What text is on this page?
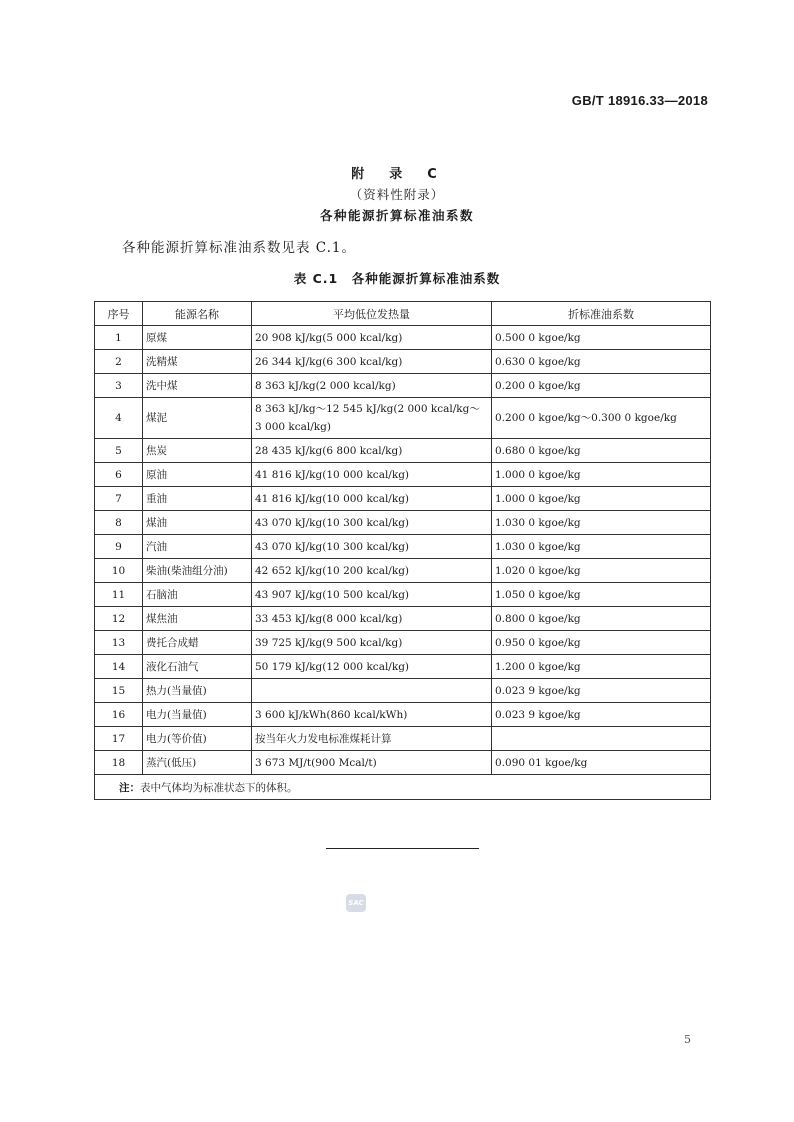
GB/T 18916.33—2018
附　录　C
（资料性附录）
各种能源折算标准油系数
各种能源折算标准油系数见表 C.1。
表 C.1　各种能源折算标准油系数
序号	能源名称	平均低位发热量	折标准油系数
1	原煤	20 908 kJ/kg(5 000 kcal/kg)	0.500 0 kgoe/kg
2	洗精煤	26 344 kJ/kg(6 300 kcal/kg)	0.630 0 kgoe/kg
3	洗中煤	8 363 kJ/kg(2 000 kcal/kg)	0.200 0 kgoe/kg
4	煤泥	8 363 kJ/kg～12 545 kJ/kg(2 000 kcal/kg～
3 000 kcal/kg)	0.200 0 kgoe/kg～0.300 0 kgoe/kg
5	焦炭	28 435 kJ/kg(6 800 kcal/kg)	0.680 0 kgoe/kg
6	原油	41 816 kJ/kg(10 000 kcal/kg)	1.000 0 kgoe/kg
7	重油	41 816 kJ/kg(10 000 kcal/kg)	1.000 0 kgoe/kg
8	煤油	43 070 kJ/kg(10 300 kcal/kg)	1.030 0 kgoe/kg
9	汽油	43 070 kJ/kg(10 300 kcal/kg)	1.030 0 kgoe/kg
10	柴油(柴油组分油)	42 652 kJ/kg(10 200 kcal/kg)	1.020 0 kgoe/kg
11	石脑油	43 907 kJ/kg(10 500 kcal/kg)	1.050 0 kgoe/kg
12	煤焦油	33 453 kJ/kg(8 000 kcal/kg)	0.800 0 kgoe/kg
13	费托合成蜡	39 725 kJ/kg(9 500 kcal/kg)	0.950 0 kgoe/kg
14	液化石油气	50 179 kJ/kg(12 000 kcal/kg)	1.200 0 kgoe/kg
15	热力(当量值)		0.023 9 kgoe/kg
16	电力(当量值)	3 600 kJ/kWh(860 kcal/kWh)	0.023 9 kgoe/kg
17	电力(等价值)	按当年火力发电标准煤耗计算	
18	蒸汽(低压)	3 673 MJ/t(900 Mcal/t)	0.090 01 kgoe/kg
注：表中气体均为标准状态下的体积。			
SAC
5
